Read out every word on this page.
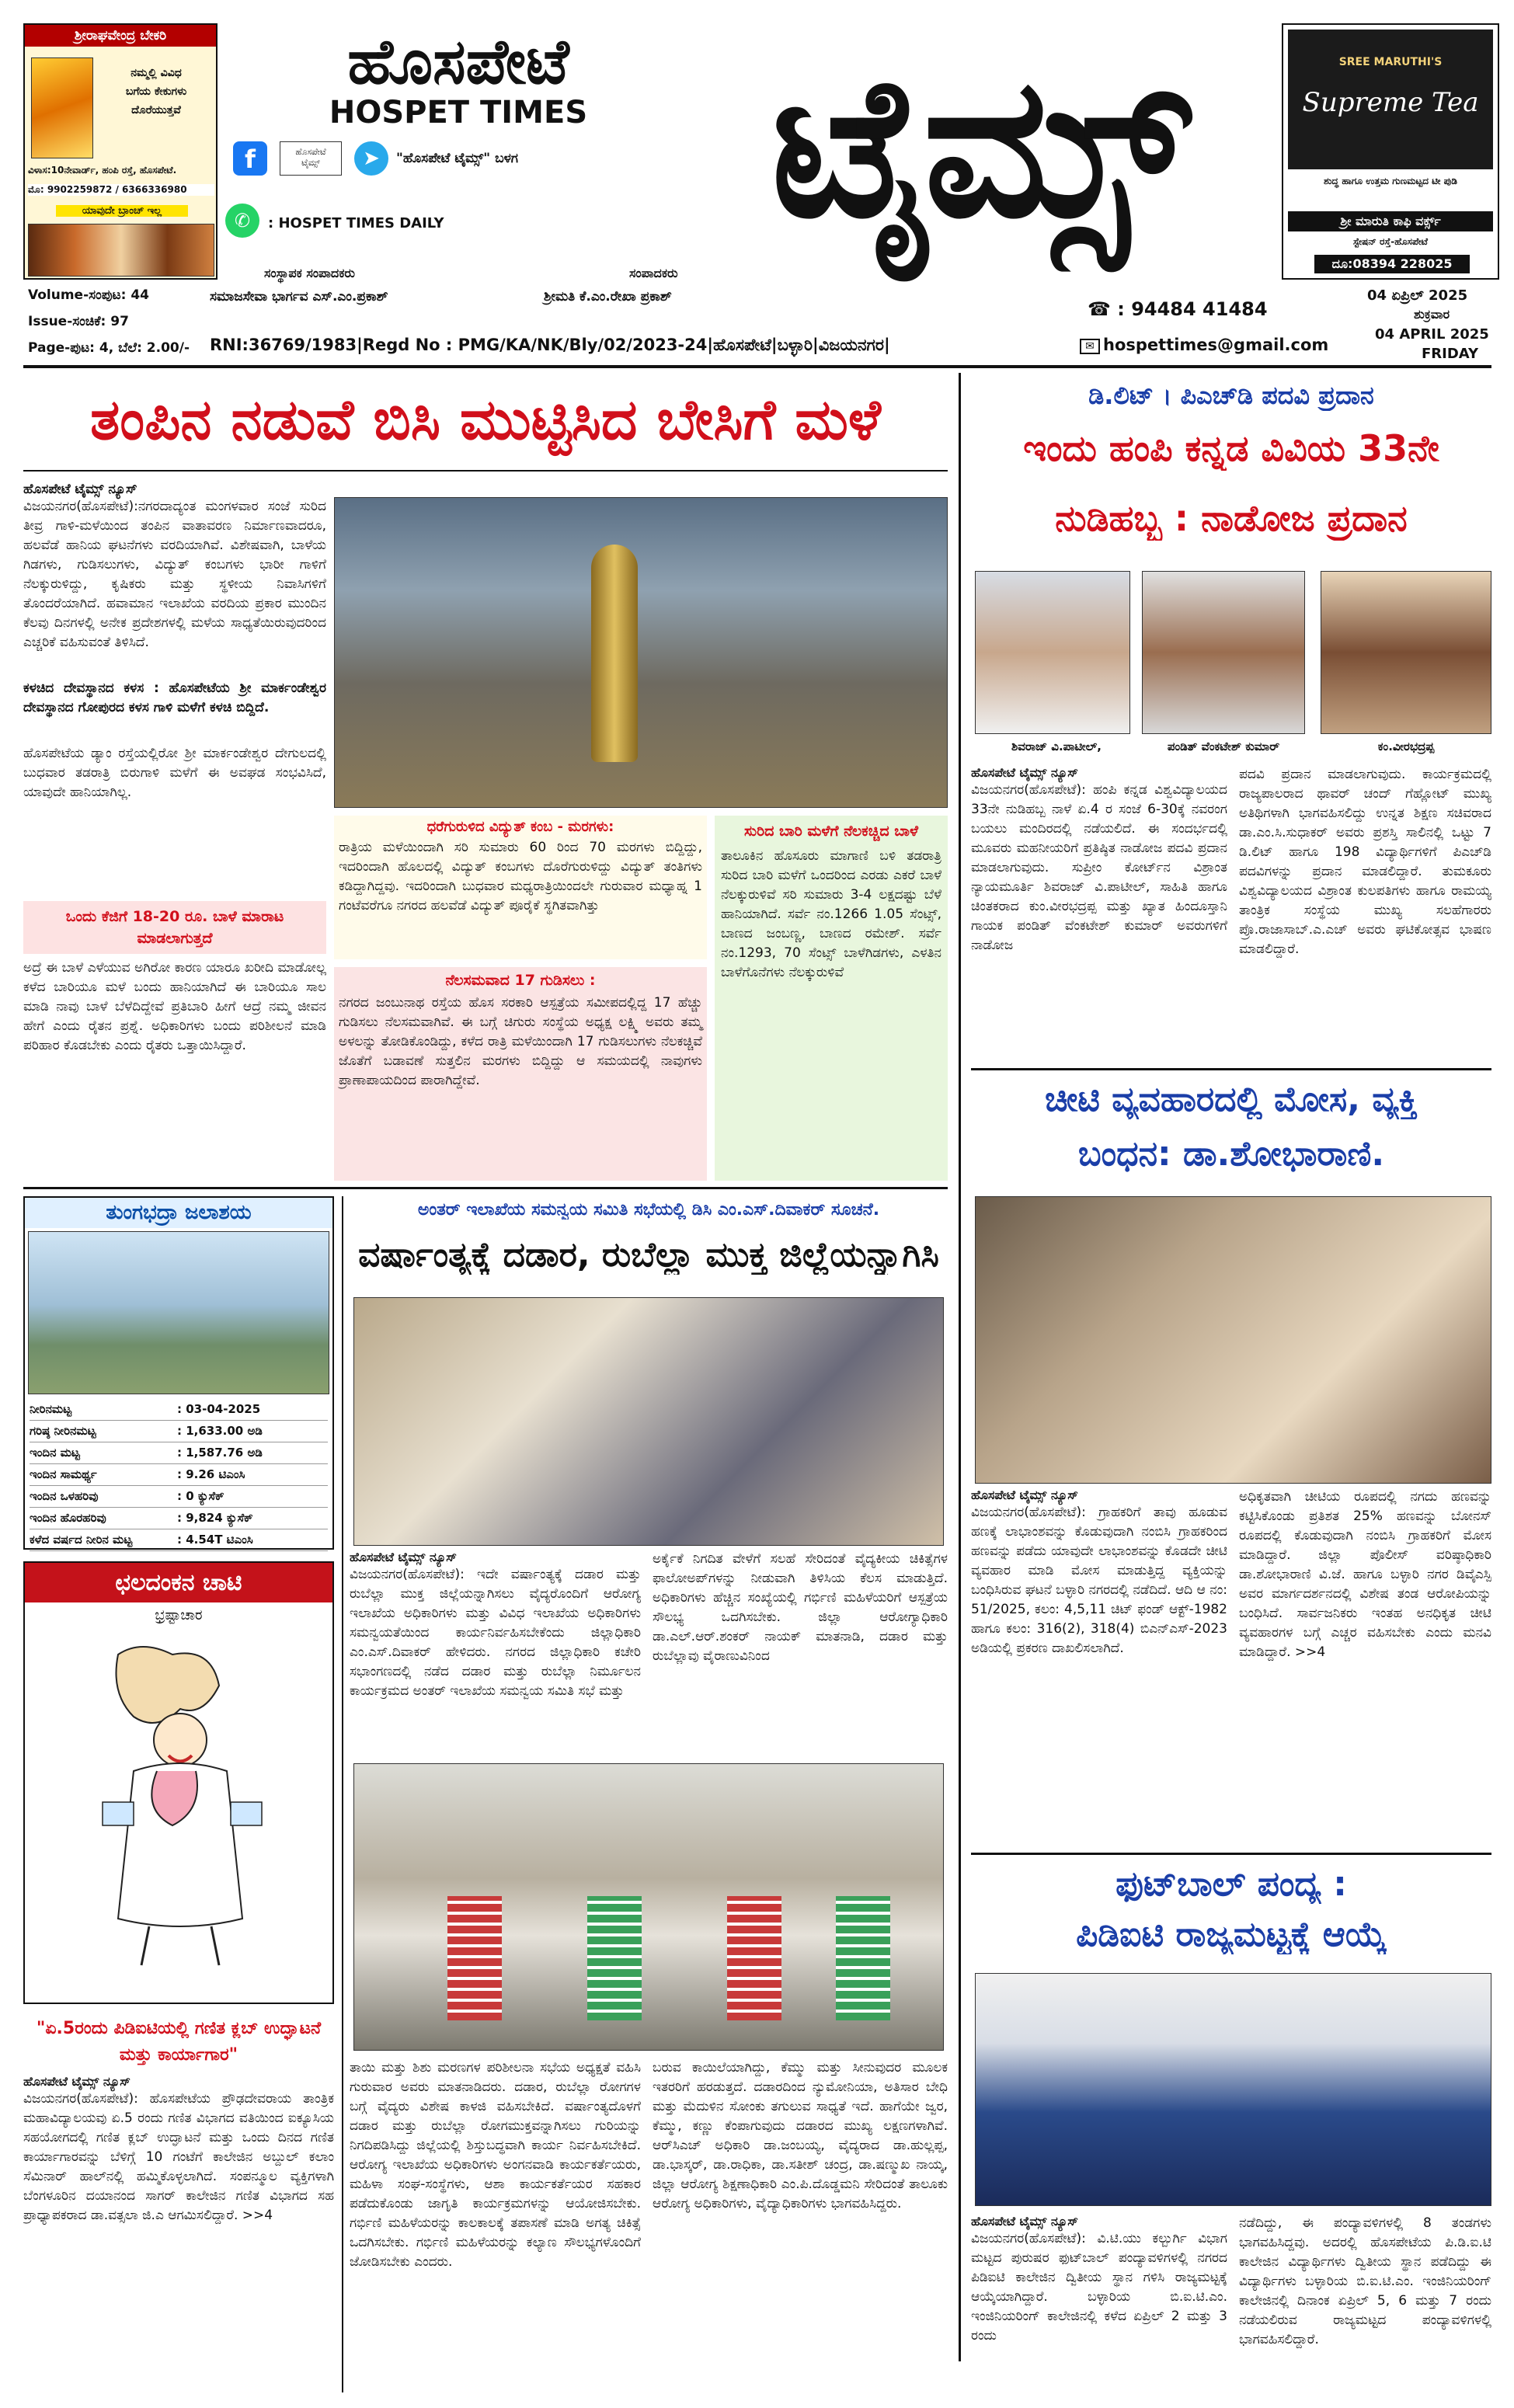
ಶ್ರೀರಾಘವೇಂದ್ರ ಬೇಕರಿ
ನಮ್ಮಲ್ಲಿ ವಿವಿಧ
ಬಗೆಯ ಕೇಕುಗಳು
ದೊರೆಯುತ್ತವೆ
ವಿಳಾಸ:10ನೇವಾರ್ಡ್, ಹಂಪಿ ರಸ್ತೆ, ಹೊಸಪೇಟೆ.
ಮೊ: 9902259872 / 6366336980
ಯಾವುದೇ ಬ್ರಾಂಚ್ ಇಲ್ಲ
ಹೊಸಪೇಟೆ
HOSPET TIMES
f	ಹೊಸಪೇಟೆ
ಟೈಮ್ಸ್	➤	"ಹೊಸಪೇಟೆ ಟೈಮ್ಸ್" ಬಳಗ
✆	: HOSPET TIMES DAILY	ಟೈಮ್ಸ್	SREE MARUTHI'S
Supreme Tea
ಶುದ್ಧ ಹಾಗೂ ಉತ್ತಮ ಗುಣಮಟ್ಟದ ಟೀ ಪುಡಿ
ಶ್ರೀ ಮಾರುತಿ ಕಾಫಿ ವರ್ಕ್ಸ್
ಸ್ಟೇಷನ್ ರಸ್ತೆ-ಹೊಸಪೇಟೆ
ದೂ:08394 228025
Volume-ಸಂಪುಟ: 44
ಸಂಸ್ಥಾಪಕ ಸಂಪಾದಕರು
ಸಮಾಜಸೇವಾ ಭಾರ್ಗವ ಎಸ್.ಎಂ.ಪ್ರಕಾಶ್
ಸಂಪಾದಕರು
ಶ್ರೀಮತಿ ಕೆ.ಎಂ.ರೇಖಾ ಪ್ರಕಾಶ್
☎ : 94484 41484
04 ಏಪ್ರಿಲ್ 2025
ಶುಕ್ರವಾರ
Issue-ಸಂಚಿಕೆ: 97
Page-ಪುಟ: 4, ಬೆಲೆ: 2.00/- RNI:36769/1983|Regd No : PMG/KA/NK/Bly/02/2023-24|ಹೊಸಪೇಟೆ|ಬಳ್ಳಾರಿ|ವಿಜಯನಗರ|	✉ hospettimes@gmail.com
04 APRIL 2025
FRIDAY
ತಂಪಿನ ನಡುವೆ ಬಿಸಿ ಮುಟ್ಟಿಸಿದ ಬೇಸಿಗೆ ಮಳೆ
ಹೊಸಪೇಟೆ ಟೈಮ್ಸ್ ನ್ಯೂಸ್
ವಿಜಯನಗರ(ಹೊಸಪೇಟೆ):ನಗರದಾದ್ಯಂತ ಮಂಗಳವಾರ ಸಂಜೆ ಸುರಿದ ತೀವ್ರ ಗಾಳಿ-ಮಳೆಯಿಂದ ತಂಪಿನ ವಾತಾವರಣ ನಿರ್ಮಾಣವಾದರೂ, ಹಲವೆಡೆ ಹಾನಿಯ ಘಟನೆಗಳು ವರದಿಯಾಗಿವೆ. ವಿಶೇಷವಾಗಿ, ಬಾಳೆಯ ಗಿಡಗಳು, ಗುಡಿಸಲುಗಳು, ವಿದ್ಯುತ್ ಕಂಬಗಳು ಭಾರೀ ಗಾಳಿಗೆ ನೆಲಕ್ಕುರುಳಿದ್ದು, ಕೃಷಿಕರು ಮತ್ತು ಸ್ಥಳೀಯ ನಿವಾಸಿಗಳಿಗೆ ತೊಂದರೆಯಾಗಿದೆ. ಹವಾಮಾನ ಇಲಾಖೆಯ ವರದಿಯ ಪ್ರಕಾರ ಮುಂದಿನ ಕೆಲವು ದಿನಗಳಲ್ಲಿ ಅನೇಕ ಪ್ರದೇಶಗಳಲ್ಲಿ ಮಳೆಯ ಸಾಧ್ಯತೆಯಿರುವುದರಿಂದ ಎಚ್ಚರಿಕೆ ವಹಿಸುವಂತೆ ತಿಳಿಸಿದೆ.
ಕಳಚಿದ ದೇವಸ್ಥಾನದ ಕಳಸ : ಹೊಸಪೇಟೆಯ ಶ್ರೀ ಮಾರ್ಕಂಡೇಶ್ವರ ದೇವಸ್ಥಾನದ ಗೋಪುರದ ಕಳಸ ಗಾಳಿ ಮಳೆಗೆ ಕಳಚಿ ಬಿದ್ದಿದೆ.
ಹೊಸಪೇಟೆಯ ಡ್ಯಾಂ ರಸ್ತೆಯಲ್ಲಿರೋ ಶ್ರೀ ಮಾರ್ಕಂಡೇಶ್ವರ ದೇಗುಲದಲ್ಲಿ ಬುಧವಾರ ತಡರಾತ್ರಿ ಬಿರುಗಾಳಿ ಮಳೆಗೆ ಈ ಅವಘಡ ಸಂಭವಿಸಿದೆ, ಯಾವುದೇ ಹಾನಿಯಾಗಿಲ್ಲ.
ಒಂದು ಕೆಜಿಗೆ 18-20 ರೂ. ಬಾಳೆ ಮಾರಾಟ ಮಾಡಲಾಗುತ್ತದೆ
ಅದ್ರೆ ಈ ಬಾಳೆ ಎಳೆಯುವ ಅಗಿರೋ ಕಾರಣ ಯಾರೂ ಖರೀದಿ ಮಾಡೋಲ್ಲ ಕಳೆದ ಬಾರಿಯೂ ಮಳೆ ಬಂದು ಹಾನಿಯಾಗಿದೆ ಈ ಬಾರಿಯೂ ಸಾಲ ಮಾಡಿ ನಾವು ಬಾಳೆ ಬೆಳೆದಿದ್ದೇವೆ ಪ್ರತಿಬಾರಿ ಹೀಗೆ ಆದ್ರೆ ನಮ್ಮ ಜೀವನ ಹೇಗೆ ಎಂದು ರೈತನ ಪ್ರಶ್ನೆ. ಅಧಿಕಾರಿಗಳು ಬಂದು ಪರಿಶೀಲನೆ ಮಾಡಿ ಪರಿಹಾರ ಕೊಡಬೇಕು ಎಂದು ರೈತರು ಒತ್ತಾಯಿಸಿದ್ದಾರೆ.
ಧರೆಗುರುಳಿದ ವಿದ್ಯುತ್ ಕಂಬ - ಮರಗಳು:
ರಾತ್ರಿಯ ಮಳೆಯಿಂದಾಗಿ ಸರಿ ಸುಮಾರು 60 ರಿಂದ 70 ಮರಗಳು ಬಿದ್ದಿದ್ದು, ಇದರಿಂದಾಗಿ ಹೊಲದಲ್ಲಿ ವಿದ್ಯುತ್ ಕಂಬಗಳು ದೊರೆಗುರುಳಿದ್ದು ವಿದ್ಯುತ್ ತಂತಿಗಳು ಕಡಿದ್ದಾಗಿದ್ದವು. ಇದರಿಂದಾಗಿ ಬುಧವಾರ ಮಧ್ಯರಾತ್ರಿಯಿಂದಲೇ ಗುರುವಾರ ಮಧ್ಯಾಹ್ನ 1 ಗಂಟೆವರೆಗೂ ನಗರದ ಹಲವೆಡೆ ವಿದ್ಯುತ್ ಪೂರೈಕೆ ಸ್ಥಗಿತವಾಗಿತ್ತು
ನೆಲಸಮವಾದ 17 ಗುಡಿಸಲು :
ನಗರದ ಜಂಬುನಾಥ ರಸ್ತೆಯ ಹೊಸ ಸರಕಾರಿ ಆಸ್ಪತ್ರೆಯ ಸಮೀಪದಲ್ಲಿದ್ದ 17 ಹೆಚ್ಚು ಗುಡಿಸಲು ನೆಲಸಮವಾಗಿವೆ. ಈ ಬಗ್ಗೆ ಚಿಗುರು ಸಂಸ್ಥೆಯ ಅಧ್ಯಕ್ಷ ಲಕ್ಷ್ಮಿ ಅವರು ತಮ್ಮ ಅಳಲನ್ನು ತೋಡಿಕೊಂಡಿದ್ದು, ಕಳೆದ ರಾತ್ರಿ ಮಳೆಯಿಂದಾಗಿ 17 ಗುಡಿಸಲುಗಳು ನೆಲಕಚ್ಚಿವೆ ಜೊತೆಗೆ ಬಡಾವಣೆ ಸುತ್ತಲಿನ ಮರಗಳು ಬಿದ್ದಿದ್ದು ಆ ಸಮಯದಲ್ಲಿ ನಾವುಗಳು ಪ್ರಾಣಾಪಾಯದಿಂದ ಪಾರಾಗಿದ್ದೇವೆ.
ಸುರಿದ ಬಾರಿ ಮಳೆಗೆ ನೆಲಕಚ್ಚಿದ ಬಾಳೆ
ತಾಲೂಕಿನ ಹೊಸೂರು ಮಾಗಾಣಿ ಬಳಿ ತಡರಾತ್ರಿ ಸುರಿದ ಬಾರಿ ಮಳೆಗೆ ಒಂದರಿಂದ ಎರಡು ಎಕರೆ ಬಾಳೆ ನೆಲಕ್ಕುರುಳಿವೆ ಸರಿ ಸುಮಾರು 3-4 ಲಕ್ಷದಷ್ಟು ಬೆಳೆ ಹಾನಿಯಾಗಿದೆ. ಸರ್ವೆ ನಂ.1266 1.05 ಸೆಂಟ್ಸ್, ಬಾಣದ ಜಂಬಣ್ಣ, ಬಾಣದ ರಮೇಶ್. ಸರ್ವೆ ನಂ.1293, 70 ಸೆಂಟ್ಸ್ ಬಾಳೆಗಿಡಗಳು, ಎಳತಿನ ಬಾಳೆಗೊನೆಗಳು ನೆಲಕ್ಕುರುಳಿವೆ
ಡಿ.ಲಿಟ್ । ಪಿಎಚ್‌ಡಿ ಪದವಿ ಪ್ರದಾನ
ಇಂದು ಹಂಪಿ ಕನ್ನಡ ವಿವಿಯ 33ನೇ
ನುಡಿಹಬ್ಬ : ನಾಡೋಜ ಪ್ರದಾನ
ಶಿವರಾಜ್ ವಿ.ಪಾಟೀಲ್,	ಪಂಡಿತ್ ವೆಂಕಟೇಶ್ ಕುಮಾರ್	ಕಂ.ವೀರಭದ್ರಪ್ಪ
ಹೊಸಪೇಟೆ ಟೈಮ್ಸ್ ನ್ಯೂಸ್
ವಿಜಯನಗರ(ಹೊಸಪೇಟೆ): ಹಂಪಿ ಕನ್ನಡ ವಿಶ್ವವಿದ್ಯಾಲಯದ 33ನೇ ನುಡಿಹಬ್ಬ ನಾಳೆ ಏ.4 ರ ಸಂಜೆ 6-30ಕ್ಕೆ ನವರಂಗ ಬಯಲು ಮಂದಿರದಲ್ಲಿ ನಡೆಯಲಿದೆ. ಈ ಸಂದರ್ಭದಲ್ಲಿ ಮೂವರು ಮಹನೀಯರಿಗೆ ಪ್ರತಿಷ್ಠಿತ ನಾಡೋಜ ಪದವಿ ಪ್ರದಾನ ಮಾಡಲಾಗುವುದು. ಸುಪ್ರೀಂ ಕೋರ್ಟ್‌ನ ವಿಶ್ರಾಂತ ನ್ಯಾಯಮೂರ್ತಿ ಶಿವರಾಜ್ ವಿ.ಪಾಟೀಲ್, ಸಾಹಿತಿ ಹಾಗೂ ಚಿಂತಕರಾದ ಕುಂ.ವೀರಭದ್ರಪ್ಪ ಮತ್ತು ಖ್ಯಾತ ಹಿಂದೂಸ್ತಾನಿ ಗಾಯಕ ಪಂಡಿತ್ ವೆಂಕಟೇಶ್ ಕುಮಾರ್ ಅವರುಗಳಿಗೆ ನಾಡೋಜ
ಪದವಿ ಪ್ರದಾನ ಮಾಡಲಾಗುವುದು. ಕಾರ್ಯಕ್ರಮದಲ್ಲಿ ರಾಜ್ಯಪಾಲರಾದ ಥಾವರ್ ಚಂದ್ ಗೆಹ್ಲೋಟ್ ಮುಖ್ಯ ಅತಿಥಿಗಳಾಗಿ ಭಾಗವಹಿಸಲಿದ್ದು ಉನ್ನತ ಶಿಕ್ಷಣ ಸಚಿವರಾದ ಡಾ.ಎಂ.ಸಿ.ಸುಧಾಕರ್ ಅವರು ಪ್ರಶಸ್ತಿ ಸಾಲಿನಲ್ಲಿ ಒಟ್ಟು 7 ಡಿ.ಲಿಟ್ ಹಾಗೂ 198 ವಿದ್ಯಾರ್ಥಿಗಳಿಗೆ ಪಿಎಚ್‌ಡಿ ಪದವಿಗಳನ್ನು ಪ್ರದಾನ ಮಾಡಲಿದ್ದಾರೆ. ತುಮಕೂರು ವಿಶ್ವವಿದ್ಯಾಲಯದ ವಿಶ್ರಾಂತ ಕುಲಪತಿಗಳು ಹಾಗೂ ರಾಮಯ್ಯ ತಾಂತ್ರಿಕ ಸಂಸ್ಥೆಯ ಮುಖ್ಯ ಸಲಹೆಗಾರರು ಪ್ರೊ.ರಾಜಾಸಾಬ್.ಎ.ಎಚ್ ಅವರು ಘಟಿಕೋತ್ಸವ ಭಾಷಣ ಮಾಡಲಿದ್ದಾರೆ.
ಚೀಟಿ ವ್ಯವಹಾರದಲ್ಲಿ ಮೋಸ, ವ್ಯಕ್ತಿ
ಬಂಧನ: ಡಾ.ಶೋಭಾರಾಣಿ.
ಹೊಸಪೇಟೆ ಟೈಮ್ಸ್ ನ್ಯೂಸ್
ವಿಜಯನಗರ(ಹೊಸಪೇಟೆ): ಗ್ರಾಹಕರಿಗೆ ತಾವು ಹೂಡುವ ಹಣಕ್ಕೆ ಲಾಭಾಂಶವನ್ನು ಕೊಡುವುದಾಗಿ ನಂಬಿಸಿ ಗ್ರಾಹಕರಿಂದ ಹಣವನ್ನು ಪಡೆದು ಯಾವುದೇ ಲಾಭಾಂಶವನ್ನು ಕೊಡದೇ ಚೀಟಿ ವ್ಯವಹಾರ ಮಾಡಿ ಮೋಸ ಮಾಡುತ್ತಿದ್ದ ವ್ಯಕ್ತಿಯನ್ನು ಬಂಧಿಸಿರುವ ಘಟನೆ ಬಳ್ಳಾರಿ ನಗರದಲ್ಲಿ ನಡೆದಿದೆ. ಆದಿ ಆ ನಂ: 51/2025, ಕಲಂ: 4,5,11 ಚಿಟ್ ಫಂಡ್ ಆಕ್ಟ್-1982 ಹಾಗೂ ಕಲಂ: 316(2), 318(4) ಬಿಎನ್‌ಎಸ್-2023 ಅಡಿಯಲ್ಲಿ ಪ್ರಕರಣ ದಾಖಲಿಸಲಾಗಿದೆ.
ಅಧಿಕೃತವಾಗಿ ಚೀಟಿಯ ರೂಪದಲ್ಲಿ ನಗದು ಹಣವನ್ನು ಕಟ್ಟಿಸಿಕೊಂಡು ಪ್ರತಿಶತ 25% ಹಣವನ್ನು ಬೋನಸ್ ರೂಪದಲ್ಲಿ ಕೊಡುವುದಾಗಿ ನಂಬಿಸಿ ಗ್ರಾಹಕರಿಗೆ ಮೋಸ ಮಾಡಿದ್ದಾರೆ. ಜಿಲ್ಲಾ ಪೊಲೀಸ್ ವರಿಷ್ಠಾಧಿಕಾರಿ ಡಾ.ಶೋಭಾರಾಣಿ ವಿ.ಜೆ. ಹಾಗೂ ಬಳ್ಳಾರಿ ನಗರ ಡಿವೈಎಸ್ಪಿ ಅವರ ಮಾರ್ಗದರ್ಶನದಲ್ಲಿ ವಿಶೇಷ ತಂಡ ಆರೋಪಿಯನ್ನು ಬಂಧಿಸಿದೆ. ಸಾರ್ವಜನಿಕರು ಇಂತಹ ಅನಧಿಕೃತ ಚೀಟಿ ವ್ಯವಹಾರಗಳ ಬಗ್ಗೆ ಎಚ್ಚರ ವಹಿಸಬೇಕು ಎಂದು ಮನವಿ ಮಾಡಿದ್ದಾರೆ. >>4
ಫುಟ್‌ಬಾಲ್ ಪಂದ್ಯ :
ಪಿಡಿಐಟಿ ರಾಜ್ಯಮಟ್ಟಕ್ಕೆ ಆಯ್ಕೆ
ಹೊಸಪೇಟೆ ಟೈಮ್ಸ್ ನ್ಯೂಸ್
ವಿಜಯನಗರ(ಹೊಸಪೇಟೆ): ವಿ.ಟಿ.ಯು ಕಲ್ಬುರ್ಗಿ ವಿಭಾಗ ಮಟ್ಟದ ಪುರುಷರ ಫುಟ್‌ಬಾಲ್ ಪಂದ್ಯಾವಳಿಗಳಲ್ಲಿ ನಗರದ ಪಿಡಿಐಟಿ ಕಾಲೇಜಿನ ದ್ವಿತೀಯ ಸ್ಥಾನ ಗಳಿಸಿ ರಾಜ್ಯಮಟ್ಟಕ್ಕೆ ಆಯ್ಕೆಯಾಗಿದ್ದಾರೆ. ಬಳ್ಳಾರಿಯ ಬಿ.ಐ.ಟಿ.ಎಂ. ಇಂಜಿನಿಯರಿಂಗ್ ಕಾಲೇಜಿನಲ್ಲಿ ಕಳೆದ ಏಪ್ರಿಲ್ 2 ಮತ್ತು 3 ರಂದು
ನಡೆದಿದ್ದು, ಈ ಪಂದ್ಯಾವಳಿಗಳಲ್ಲಿ 8 ತಂಡಗಳು ಭಾಗವಹಿಸಿದ್ದವು. ಅದರಲ್ಲಿ ಹೊಸಪೇಟೆಯ ಪಿ.ಡಿ.ಐ.ಟಿ ಕಾಲೇಜಿನ ವಿದ್ಯಾರ್ಥಿಗಳು ದ್ವಿತೀಯ ಸ್ಥಾನ ಪಡೆದಿದ್ದು ಈ ವಿದ್ಯಾರ್ಥಿಗಳು ಬಳ್ಳಾರಿಯ ಬಿ.ಐ.ಟಿ.ಎಂ. ಇಂಜಿನಿಯರಿಂಗ್ ಕಾಲೇಜಿನಲ್ಲಿ ದಿನಾಂಕ ಏಪ್ರಿಲ್ 5, 6 ಮತ್ತು 7 ರಂದು ನಡೆಯಲಿರುವ ರಾಜ್ಯಮಟ್ಟದ ಪಂದ್ಯಾವಳಿಗಳಲ್ಲಿ ಭಾಗವಹಿಸಲಿದ್ದಾರೆ.
ತುಂಗಭದ್ರಾ ಜಲಾಶಯ
ನೀರಿನಮಟ್ಟ	: 03-04-2025
ಗರಿಷ್ಠ ನೀರಿನಮಟ್ಟ	: 1,633.00 ಅಡಿ
ಇಂದಿನ ಮಟ್ಟ	: 1,587.76 ಅಡಿ
ಇಂದಿನ ಸಾಮರ್ಥ್ಯ	: 9.26 ಟಿಎಂಸಿ
ಇಂದಿನ ಒಳಹರಿವು	: 0 ಕ್ಯುಸೆಕ್
ಇಂದಿನ ಹೊರಹರಿವು	: 9,824 ಕ್ಯುಸೆಕ್
ಕಳೆದ ವರ್ಷದ ನೀರಿನ ಮಟ್ಟ	: 4.54T ಟಿಎಂಸಿ
ಛಲದಂಕನ ಚಾಟಿ
ಭ್ರಷ್ಟಾಚಾರ
"ಏ.5ರಂದು ಪಿಡಿಐಟಿಯಲ್ಲಿ ಗಣಿತ ಕ್ಲಬ್ ಉದ್ಘಾಟನೆ ಮತ್ತು ಕಾರ್ಯಾಗಾರ"
ಹೊಸಪೇಟೆ ಟೈಮ್ಸ್ ನ್ಯೂಸ್
ವಿಜಯನಗರ(ಹೊಸಪೇಟೆ): ಹೊಸಪೇಟೆಯ ಪ್ರೌಢದೇವರಾಯ ತಾಂತ್ರಿಕ ಮಹಾವಿದ್ಯಾಲಯವು ಏ.5 ರಂದು ಗಣಿತ ವಿಭಾಗದ ವತಿಯಿಂದ ಐಕ್ಯೂಸಿಯ ಸಹಯೋಗದಲ್ಲಿ ಗಣಿತ ಕ್ಲಬ್ ಉದ್ಘಾಟನೆ ಮತ್ತು ಒಂದು ದಿನದ ಗಣಿತ ಕಾರ್ಯಾಗಾರವನ್ನು ಬೆಳಿಗ್ಗೆ 10 ಗಂಟೆಗೆ ಕಾಲೇಜಿನ ಅಬ್ದುಲ್ ಕಲಾಂ ಸೆಮಿನಾರ್ ಹಾಲ್‌ನಲ್ಲಿ ಹಮ್ಮಿಕೊಳ್ಳಲಾಗಿದೆ. ಸಂಪನ್ಮೂಲ ವ್ಯಕ್ತಿಗಳಾಗಿ ಬೆಂಗಳೂರಿನ ದಯಾನಂದ ಸಾಗರ್ ಕಾಲೇಜಿನ ಗಣಿತ ವಿಭಾಗದ ಸಹ ಪ್ರಾಧ್ಯಾಪಕರಾದ ಡಾ.ವತ್ಸಲಾ ಜಿ.ಎ ಆಗಮಿಸಲಿದ್ದಾರೆ. >>4
ಅಂತರ್ ಇಲಾಖೆಯ ಸಮನ್ವಯ ಸಮಿತಿ ಸಭೆಯಲ್ಲಿ ಡಿಸಿ ಎಂ.ಎಸ್.ದಿವಾಕರ್ ಸೂಚನೆ.
ವರ್ಷಾಂತ್ಯಕ್ಕೆ ದಡಾರ, ರುಬೆಲ್ಲಾ ಮುಕ್ತ ಜಿಲ್ಲೆಯನ್ನಾಗಿಸಿ
ಹೊಸಪೇಟೆ ಟೈಮ್ಸ್ ನ್ಯೂಸ್
ವಿಜಯನಗರ(ಹೊಸಪೇಟೆ): ಇದೇ ವರ್ಷಾಂತ್ಯಕ್ಕೆ ದಡಾರ ಮತ್ತು ರುಬೆಲ್ಲಾ ಮುಕ್ತ ಜಿಲ್ಲೆಯನ್ನಾಗಿಸಲು ವೈದ್ಯರೊಂದಿಗೆ ಆರೋಗ್ಯ ಇಲಾಖೆಯ ಅಧಿಕಾರಿಗಳು ಮತ್ತು ವಿವಿಧ ಇಲಾಖೆಯ ಅಧಿಕಾರಿಗಳು ಸಮನ್ವಯತೆಯಿಂದ ಕಾರ್ಯನಿರ್ವಹಿಸಬೇಕೆಂದು ಜಿಲ್ಲಾಧಿಕಾರಿ ಎಂ.ಎಸ್.ದಿವಾಕರ್ ಹೇಳಿದರು. ನಗರದ ಜಿಲ್ಲಾಧಿಕಾರಿ ಕಚೇರಿ ಸಭಾಂಗಣದಲ್ಲಿ ನಡೆದ ದಡಾರ ಮತ್ತು ರುಬೆಲ್ಲಾ ನಿರ್ಮೂಲನ ಕಾರ್ಯಕ್ರಮದ ಅಂತರ್ ಇಲಾಖೆಯ ಸಮನ್ವಯ ಸಮಿತಿ ಸಭೆ ಮತ್ತು
ಅರ್ಕೈಕೆ ನಿಗದಿತ ವೇಳೆಗೆ ಸಲಹೆ ಸೇರಿದಂತೆ ವೈದ್ಯಕೀಯ ಚಿಕಿತ್ಸೆಗಳ ಫಾಲೋಅಪ್‌ಗಳನ್ನು ನೀಡುವಾಗಿ ತಿಳಿಸಿಯ ಕೆಲಸ ಮಾಡುತ್ತಿದೆ. ಅಧಿಕಾರಿಗಳು ಹೆಚ್ಚಿನ ಸಂಖ್ಯೆಯಲ್ಲಿ ಗರ್ಭಿಣಿ ಮಹಿಳೆಯರಿಗೆ ಆಸ್ಪತ್ರೆಯ ಸೌಲಭ್ಯ ಒದಗಿಸಬೇಕು. ಜಿಲ್ಲಾ ಆರೋಗ್ಯಾಧಿಕಾರಿ ಡಾ.ಎಲ್.ಆರ್.ಶಂಕರ್ ನಾಯಕ್ ಮಾತನಾಡಿ, ದಡಾರ ಮತ್ತು ರುಬೆಲ್ಲಾವು ವೈರಾಣುವಿನಿಂದ
ತಾಯಿ ಮತ್ತು ಶಿಶು ಮರಣಗಳ ಪರಿಶೀಲನಾ ಸಭೆಯ ಅಧ್ಯಕ್ಷತೆ ವಹಿಸಿ ಗುರುವಾರ ಅವರು ಮಾತನಾಡಿದರು. ದಡಾರ, ರುಬೆಲ್ಲಾ ರೋಗಗಳ ಬಗ್ಗೆ ವೈದ್ಯರು ವಿಶೇಷ ಕಾಳಜಿ ವಹಿಸಬೇಕಿದೆ. ವರ್ಷಾಂತ್ಯದೊಳಗೆ ದಡಾರ ಮತ್ತು ರುಬೆಲ್ಲಾ ರೋಗಮುಕ್ತವನ್ನಾಗಿಸಲು ಗುರಿಯನ್ನು ನಿಗದಿಪಡಿಸಿದ್ದು ಜಿಲ್ಲೆಯಲ್ಲಿ ಶಿಸ್ತುಬದ್ಧವಾಗಿ ಕಾರ್ಯ ನಿರ್ವಹಿಸಬೇಕಿದೆ. ಆರೋಗ್ಯ ಇಲಾಖೆಯ ಅಧಿಕಾರಿಗಳು ಅಂಗನವಾಡಿ ಕಾರ್ಯಕರ್ತೆಯರು, ಮಹಿಳಾ ಸಂಘ-ಸಂಸ್ಥೆಗಳು, ಆಶಾ ಕಾರ್ಯಕರ್ತೆಯರ ಸಹಕಾರ ಪಡೆದುಕೊಂಡು ಜಾಗೃತಿ ಕಾರ್ಯಕ್ರಮಗಳನ್ನು ಆಯೋಜಿಸಬೇಕು. ಗರ್ಭಿಣಿ ಮಹಿಳೆಯರನ್ನು ಕಾಲಕಾಲಕ್ಕೆ ತಪಾಸಣೆ ಮಾಡಿ ಅಗತ್ಯ ಚಿಕಿತ್ಸೆ ಒದಗಿಸಬೇಕು. ಗರ್ಭಿಣಿ ಮಹಿಳೆಯರನ್ನು ಕಲ್ಯಾಣ ಸೌಲಭ್ಯಗಳೊಂದಿಗೆ ಜೋಡಿಸಬೇಕು ಎಂದರು.
ಬರುವ ಕಾಯಿಲೆಯಾಗಿದ್ದು, ಕೆಮ್ಮು ಮತ್ತು ಸೀನುವುದರ ಮೂಲಕ ಇತರರಿಗೆ ಹರಡುತ್ತದೆ. ದಡಾರದಿಂದ ನ್ಯುಮೋನಿಯಾ, ಅತಿಸಾರ ಬೇಧಿ ಮತ್ತು ಮೆದುಳಿನ ಸೋಂಕು ತಗುಲುವ ಸಾಧ್ಯತೆ ಇದೆ. ಹಾಗೆಯೇ ಜ್ವರ, ಕೆಮ್ಮು, ಕಣ್ಣು ಕೆಂಪಾಗುವುದು ದಡಾರದ ಮುಖ್ಯ ಲಕ್ಷಣಗಳಾಗಿವೆ. ಆರ್‌ಸಿಎಚ್ ಅಧಿಕಾರಿ ಡಾ.ಜಂಬಯ್ಯ, ವೈದ್ಯರಾದ ಡಾ.ಹುಲ್ಲಪ್ಪ, ಡಾ.ಭಾಸ್ಕರ್, ಡಾ.ರಾಧಿಕಾ, ಡಾ.ಸತೀಶ್ ಚಂದ್ರ, ಡಾ.ಷಣ್ಮುಖ ನಾಯ್ಕ, ಜಿಲ್ಲಾ ಆರೋಗ್ಯ ಶಿಕ್ಷಣಾಧಿಕಾರಿ ಎಂ.ಪಿ.ದೊಡ್ಡಮನಿ ಸೇರಿದಂತೆ ತಾಲೂಕು ಆರೋಗ್ಯ ಅಧಿಕಾರಿಗಳು, ವೈದ್ಯಾಧಿಕಾರಿಗಳು ಭಾಗವಹಿಸಿದ್ದರು.
